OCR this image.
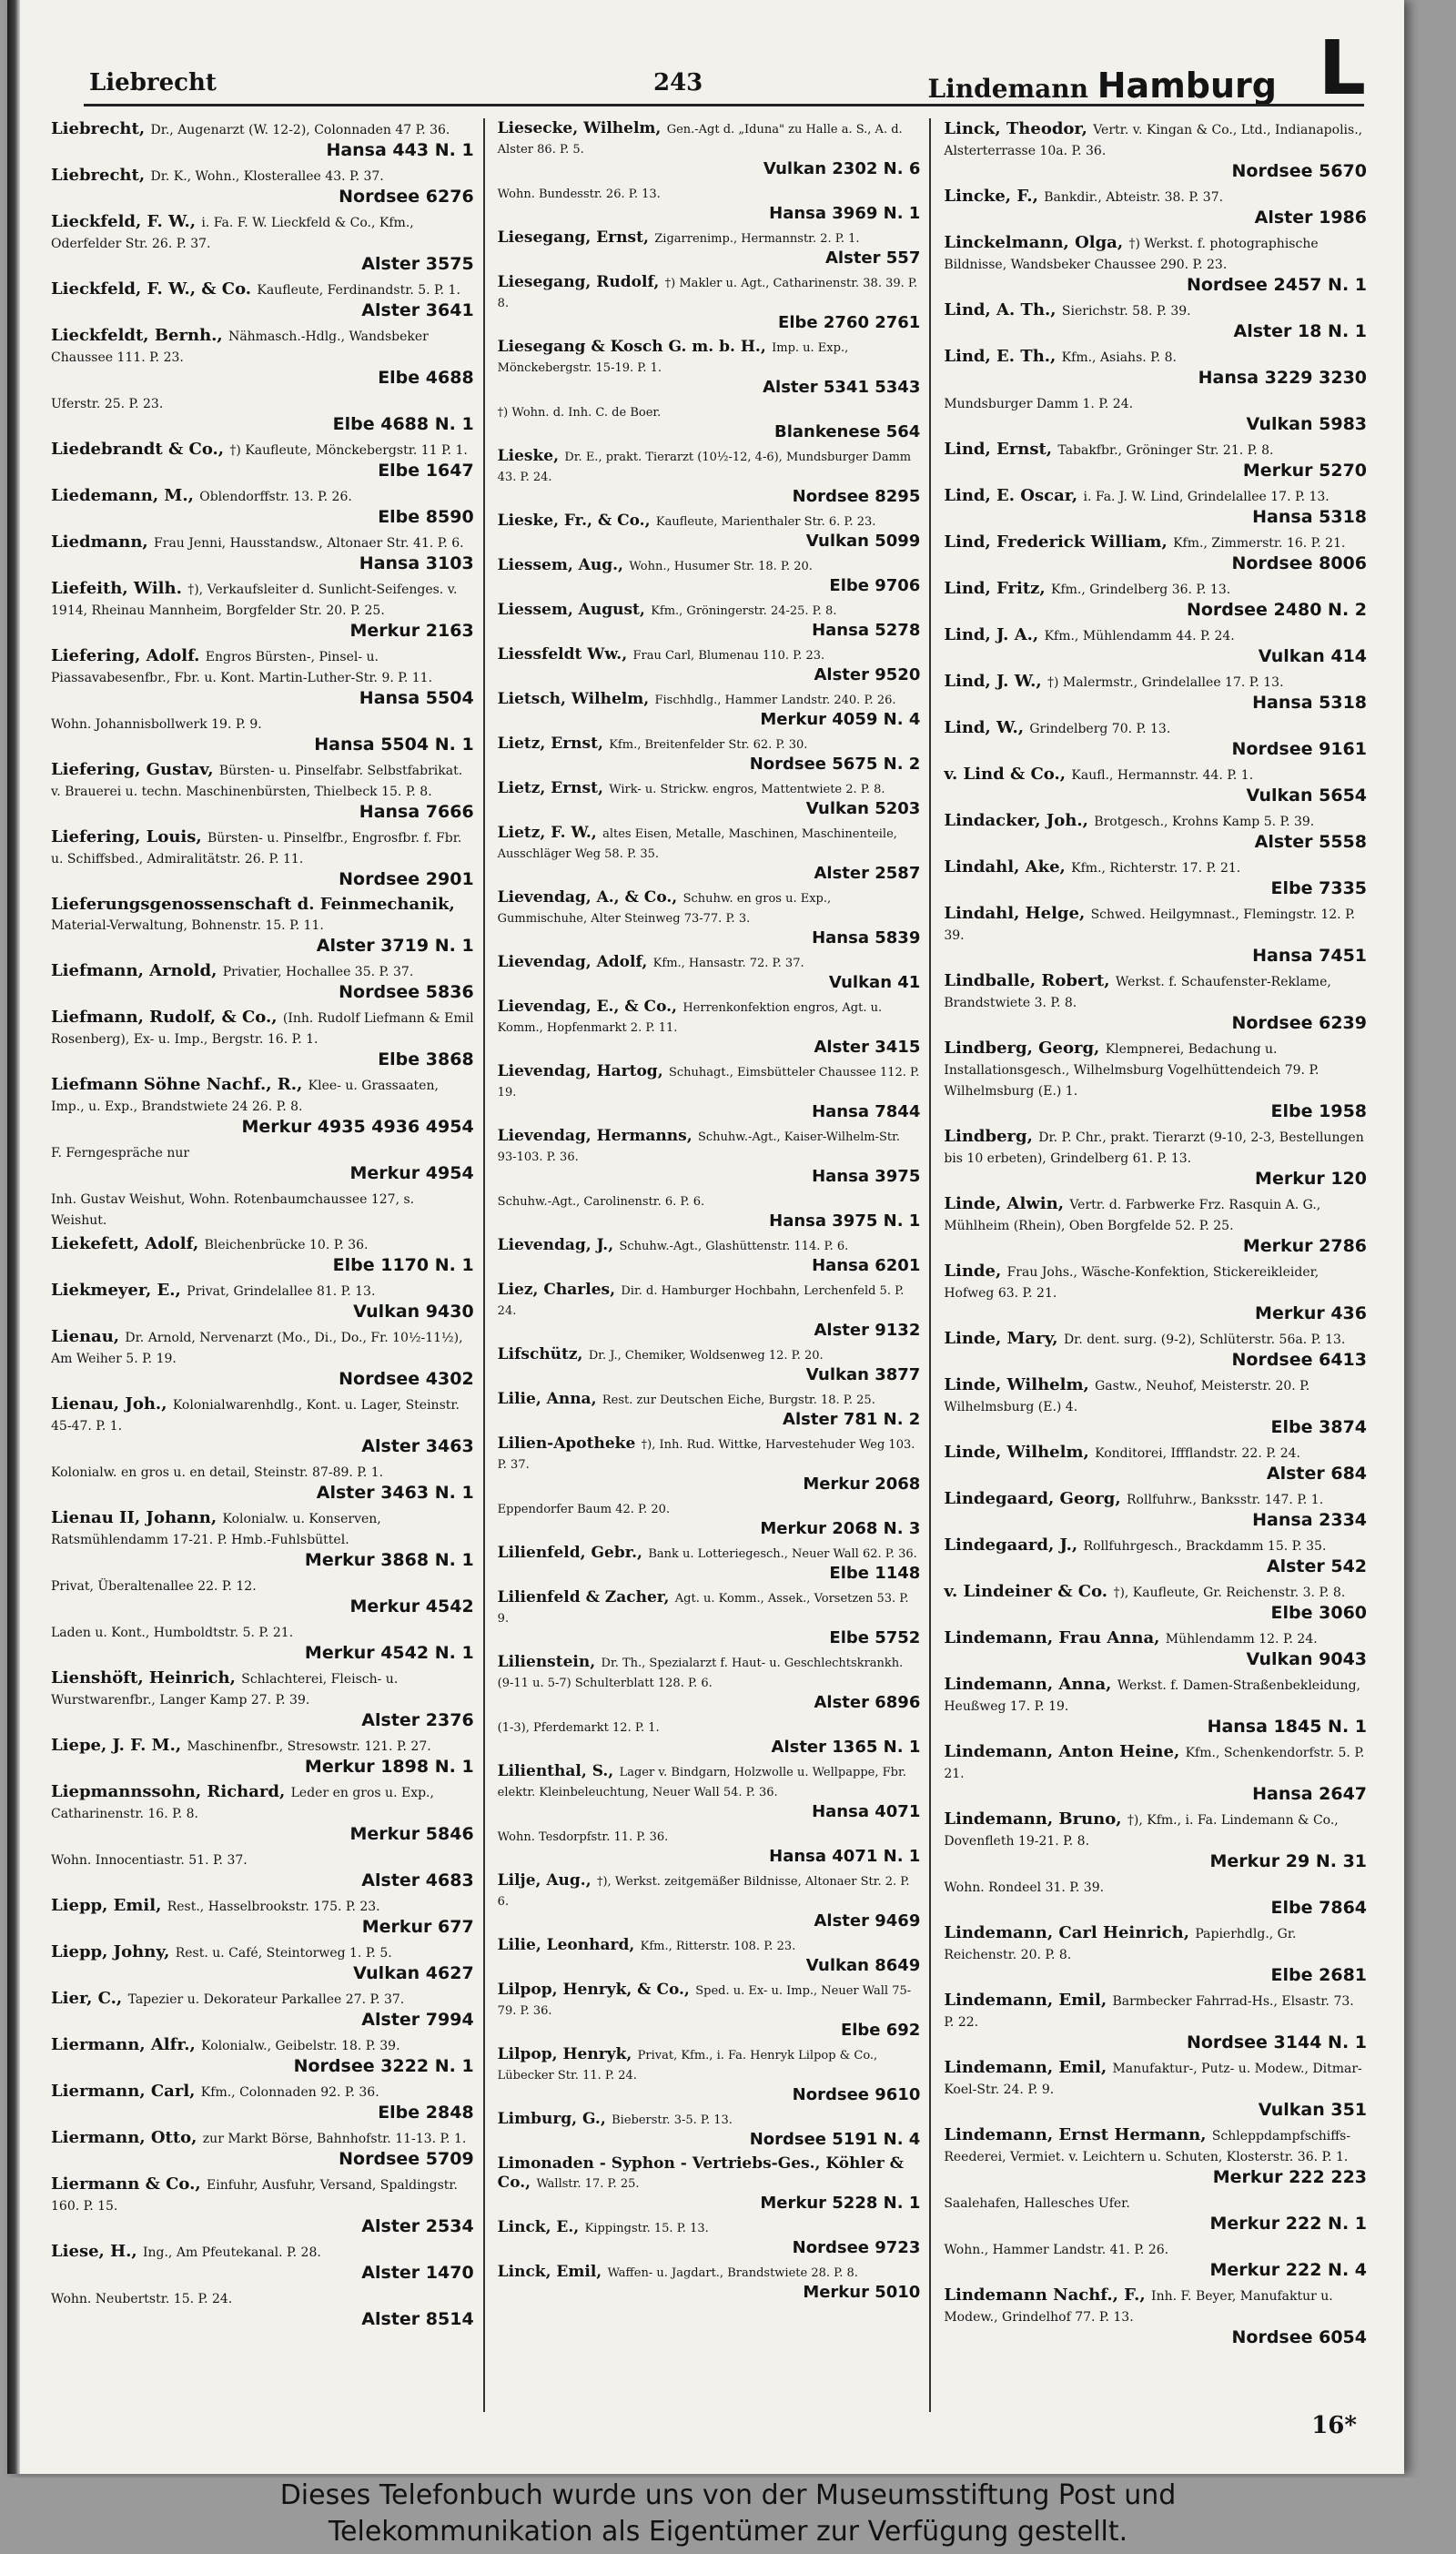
Liebrecht	243	Lindemann Hamburg L
Liebrecht, Dr., Augenarzt (W. 12-2), Colonnaden 47 P. 36.
Hansa 443 N. 1
Liebrecht, Dr. K., Wohn., Klosterallee 43. P. 37.
Nordsee 6276
Lieckfeld, F. W., i. Fa. F. W. Lieckfeld & Co., Kfm., Oderfelder Str. 26. P. 37.
Alster 3575
Lieckfeld, F. W., & Co. Kaufleute, Ferdinandstr. 5. P. 1.
Alster 3641
Lieckfeldt, Bernh., Nähmasch.-Hdlg., Wandsbeker Chaussee 111. P. 23.
Elbe 4688
Uferstr. 25. P. 23.
Elbe 4688 N. 1
Liedebrandt & Co., †) Kaufleute, Mönckebergstr. 11 P. 1.
Elbe 1647
Liedemann, M., Oblendorffstr. 13. P. 26.
Elbe 8590
Liedmann, Frau Jenni, Hausstandsw., Altonaer Str. 41. P. 6.
Hansa 3103
Liefeith, Wilh. †), Verkaufsleiter d. Sunlicht-Seifenges. v. 1914, Rheinau Mannheim, Borgfelder Str. 20. P. 25.
Merkur 2163
Liefering, Adolf. Engros Bürsten-, Pinsel- u. Piassavabesenfbr., Fbr. u. Kont. Martin-Luther-Str. 9. P. 11.
Hansa 5504
Wohn. Johannisbollwerk 19. P. 9.
Hansa 5504 N. 1
Liefering, Gustav, Bürsten- u. Pinselfabr. Selbstfabrikat. v. Brauerei u. techn. Maschinenbürsten, Thielbeck 15. P. 8.
Hansa 7666
Liefering, Louis, Bürsten- u. Pinselfbr., Engrosfbr. f. Fbr. u. Schiffsbed., Admiralitätstr. 26. P. 11.
Nordsee 2901
Lieferungsgenossenschaft d. Feinmechanik, Material-Verwaltung, Bohnenstr. 15. P. 11.
Alster 3719 N. 1
Liefmann, Arnold, Privatier, Hochallee 35. P. 37.
Nordsee 5836
Liefmann, Rudolf, & Co., (Inh. Rudolf Liefmann & Emil Rosenberg), Ex- u. Imp., Bergstr. 16. P. 1.
Elbe 3868
Liefmann Söhne Nachf., R., Klee- u. Grassaaten, Imp., u. Exp., Brandstwiete 24 26. P. 8.
Merkur 4935 4936 4954
F. Ferngespräche nur
Merkur 4954
Inh. Gustav Weishut, Wohn. Rotenbaumchaussee 127, s. Weishut.
Liekefett, Adolf, Bleichenbrücke 10. P. 36.
Elbe 1170 N. 1
Liekmeyer, E., Privat, Grindelallee 81. P. 13.
Vulkan 9430
Lienau, Dr. Arnold, Nervenarzt (Mo., Di., Do., Fr. 10½-11½), Am Weiher 5. P. 19.
Nordsee 4302
Lienau, Joh., Kolonialwarenhdlg., Kont. u. Lager, Steinstr. 45-47. P. 1.
Alster 3463
Kolonialw. en gros u. en detail, Steinstr. 87-89. P. 1.
Alster 3463 N. 1
Lienau II, Johann, Kolonialw. u. Konserven, Ratsmühlendamm 17-21. P. Hmb.-Fuhlsbüttel.
Merkur 3868 N. 1
Privat, Überaltenallee 22. P. 12.
Merkur 4542
Laden u. Kont., Humboldtstr. 5. P. 21.
Merkur 4542 N. 1
Lienshöft, Heinrich, Schlachterei, Fleisch- u. Wurstwarenfbr., Langer Kamp 27. P. 39.
Alster 2376
Liepe, J. F. M., Maschinenfbr., Stresowstr. 121. P. 27.
Merkur 1898 N. 1
Liepmannssohn, Richard, Leder en gros u. Exp., Catharinenstr. 16. P. 8.
Merkur 5846
Wohn. Innocentiastr. 51. P. 37.
Alster 4683
Liepp, Emil, Rest., Hasselbrookstr. 175. P. 23.
Merkur 677
Liepp, Johny, Rest. u. Café, Steintorweg 1. P. 5.
Vulkan 4627
Lier, C., Tapezier u. Dekorateur Parkallee 27. P. 37.
Alster 7994
Liermann, Alfr., Kolonialw., Geibelstr. 18. P. 39.
Nordsee 3222 N. 1
Liermann, Carl, Kfm., Colonnaden 92. P. 36.
Elbe 2848
Liermann, Otto, zur Markt Börse, Bahnhofstr. 11-13. P. 1.
Nordsee 5709
Liermann & Co., Einfuhr, Ausfuhr, Versand, Spaldingstr. 160. P. 15.
Alster 2534
Liese, H., Ing., Am Pfeutekanal. P. 28.
Alster 1470
Wohn. Neubertstr. 15. P. 24.
Alster 8514
Liesecke, Wilhelm, Gen.-Agt d. „Iduna" zu Halle a. S., A. d. Alster 86. P. 5.
Vulkan 2302 N. 6
Wohn. Bundesstr. 26. P. 13.
Hansa 3969 N. 1
Liesegang, Ernst, Zigarrenimp., Hermannstr. 2. P. 1.
Alster 557
Liesegang, Rudolf, †) Makler u. Agt., Catharinenstr. 38. 39. P. 8.
Elbe 2760 2761
Liesegang & Kosch G. m. b. H., Imp. u. Exp., Mönckebergstr. 15-19. P. 1.
Alster 5341 5343
†) Wohn. d. Inh. C. de Boer.
Blankenese 564
Lieske, Dr. E., prakt. Tierarzt (10½-12, 4-6), Mundsburger Damm 43. P. 24.
Nordsee 8295
Lieske, Fr., & Co., Kaufleute, Marienthaler Str. 6. P. 23.
Vulkan 5099
Liessem, Aug., Wohn., Husumer Str. 18. P. 20.
Elbe 9706
Liessem, August, Kfm., Gröningerstr. 24-25. P. 8.
Hansa 5278
Liessfeldt Ww., Frau Carl, Blumenau 110. P. 23.
Alster 9520
Lietsch, Wilhelm, Fischhdlg., Hammer Landstr. 240. P. 26.
Merkur 4059 N. 4
Lietz, Ernst, Kfm., Breitenfelder Str. 62. P. 30.
Nordsee 5675 N. 2
Lietz, Ernst, Wirk- u. Strickw. engros, Mattentwiete 2. P. 8.
Vulkan 5203
Lietz, F. W., altes Eisen, Metalle, Maschinen, Maschinenteile, Ausschläger Weg 58. P. 35.
Alster 2587
Lievendag, A., & Co., Schuhw. en gros u. Exp., Gummischuhe, Alter Steinweg 73-77. P. 3.
Hansa 5839
Lievendag, Adolf, Kfm., Hansastr. 72. P. 37.
Vulkan 41
Lievendag, E., & Co., Herrenkonfektion engros, Agt. u. Komm., Hopfenmarkt 2. P. 11.
Alster 3415
Lievendag, Hartog, Schuhagt., Eimsbütteler Chaussee 112. P. 19.
Hansa 7844
Lievendag, Hermanns, Schuhw.-Agt., Kaiser-Wilhelm-Str. 93-103. P. 36.
Hansa 3975
Schuhw.-Agt., Carolinenstr. 6. P. 6.
Hansa 3975 N. 1
Lievendag, J., Schuhw.-Agt., Glashüttenstr. 114. P. 6.
Hansa 6201
Liez, Charles, Dir. d. Hamburger Hochbahn, Lerchenfeld 5. P. 24.
Alster 9132
Lifschütz, Dr. J., Chemiker, Woldsenweg 12. P. 20.
Vulkan 3877
Lilie, Anna, Rest. zur Deutschen Eiche, Burgstr. 18. P. 25.
Alster 781 N. 2
Lilien-Apotheke †), Inh. Rud. Wittke, Harvestehuder Weg 103. P. 37.
Merkur 2068
Eppendorfer Baum 42. P. 20.
Merkur 2068 N. 3
Lilienfeld, Gebr., Bank u. Lotteriegesch., Neuer Wall 62. P. 36.
Elbe 1148
Lilienfeld & Zacher, Agt. u. Komm., Assek., Vorsetzen 53. P. 9.
Elbe 5752
Lilienstein, Dr. Th., Spezialarzt f. Haut- u. Geschlechtskrankh. (9-11 u. 5-7) Schulterblatt 128. P. 6.
Alster 6896
(1-3), Pferdemarkt 12. P. 1.
Alster 1365 N. 1
Lilienthal, S., Lager v. Bindgarn, Holzwolle u. Wellpappe, Fbr. elektr. Kleinbeleuchtung, Neuer Wall 54. P. 36.
Hansa 4071
Wohn. Tesdorpfstr. 11. P. 36.
Hansa 4071 N. 1
Lilje, Aug., †), Werkst. zeitgemäßer Bildnisse, Altonaer Str. 2. P. 6.
Alster 9469
Lilie, Leonhard, Kfm., Ritterstr. 108. P. 23.
Vulkan 8649
Lilpop, Henryk, & Co., Sped. u. Ex- u. Imp., Neuer Wall 75-79. P. 36.
Elbe 692
Lilpop, Henryk, Privat, Kfm., i. Fa. Henryk Lilpop & Co., Lübecker Str. 11. P. 24.
Nordsee 9610
Limburg, G., Bieberstr. 3-5. P. 13.
Nordsee 5191 N. 4
Limonaden - Syphon - Vertriebs-Ges., Köhler & Co., Wallstr. 17. P. 25.
Merkur 5228 N. 1
Linck, E., Kippingstr. 15. P. 13.
Nordsee 9723
Linck, Emil, Waffen- u. Jagdart., Brandstwiete 28. P. 8.
Merkur 5010
Linck, Theodor, Vertr. v. Kingan & Co., Ltd., Indianapolis., Alsterterrasse 10a. P. 36.
Nordsee 5670
Lincke, F., Bankdir., Abteistr. 38. P. 37.
Alster 1986
Linckelmann, Olga, †) Werkst. f. photographische Bildnisse, Wandsbeker Chaussee 290. P. 23.
Nordsee 2457 N. 1
Lind, A. Th., Sierichstr. 58. P. 39.
Alster 18 N. 1
Lind, E. Th., Kfm., Asiahs. P. 8.
Hansa 3229 3230
Mundsburger Damm 1. P. 24.
Vulkan 5983
Lind, Ernst, Tabakfbr., Gröninger Str. 21. P. 8.
Merkur 5270
Lind, E. Oscar, i. Fa. J. W. Lind, Grindelallee 17. P. 13.
Hansa 5318
Lind, Frederick William, Kfm., Zimmerstr. 16. P. 21.
Nordsee 8006
Lind, Fritz, Kfm., Grindelberg 36. P. 13.
Nordsee 2480 N. 2
Lind, J. A., Kfm., Mühlendamm 44. P. 24.
Vulkan 414
Lind, J. W., †) Malermstr., Grindelallee 17. P. 13.
Hansa 5318
Lind, W., Grindelberg 70. P. 13.
Nordsee 9161
v. Lind & Co., Kaufl., Hermannstr. 44. P. 1.
Vulkan 5654
Lindacker, Joh., Brotgesch., Krohns Kamp 5. P. 39.
Alster 5558
Lindahl, Ake, Kfm., Richterstr. 17. P. 21.
Elbe 7335
Lindahl, Helge, Schwed. Heilgymnast., Flemingstr. 12. P. 39.
Hansa 7451
Lindballe, Robert, Werkst. f. Schaufenster-Reklame, Brandstwiete 3. P. 8.
Nordsee 6239
Lindberg, Georg, Klempnerei, Bedachung u. Installationsgesch., Wilhelmsburg Vogelhüttendeich 79. P. Wilhelmsburg (E.) 1.
Elbe 1958
Lindberg, Dr. P. Chr., prakt. Tierarzt (9-10, 2-3, Bestellungen bis 10 erbeten), Grindelberg 61. P. 13.
Merkur 120
Linde, Alwin, Vertr. d. Farbwerke Frz. Rasquin A. G., Mühlheim (Rhein), Oben Borgfelde 52. P. 25.
Merkur 2786
Linde, Frau Johs., Wäsche-Konfektion, Stickereikleider, Hofweg 63. P. 21.
Merkur 436
Linde, Mary, Dr. dent. surg. (9-2), Schlüterstr. 56a. P. 13.
Nordsee 6413
Linde, Wilhelm, Gastw., Neuhof, Meisterstr. 20. P. Wilhelmsburg (E.) 4.
Elbe 3874
Linde, Wilhelm, Konditorei, Iffflandstr. 22. P. 24.
Alster 684
Lindegaard, Georg, Rollfuhrw., Banksstr. 147. P. 1.
Hansa 2334
Lindegaard, J., Rollfuhrgesch., Brackdamm 15. P. 35.
Alster 542
v. Lindeiner & Co. †), Kaufleute, Gr. Reichenstr. 3. P. 8.
Elbe 3060
Lindemann, Frau Anna, Mühlendamm 12. P. 24.
Vulkan 9043
Lindemann, Anna, Werkst. f. Damen-Straßenbekleidung, Heußweg 17. P. 19.
Hansa 1845 N. 1
Lindemann, Anton Heine, Kfm., Schenkendorfstr. 5. P. 21.
Hansa 2647
Lindemann, Bruno, †), Kfm., i. Fa. Lindemann & Co., Dovenfleth 19-21. P. 8.
Merkur 29 N. 31
Wohn. Rondeel 31. P. 39.
Elbe 7864
Lindemann, Carl Heinrich, Papierhdlg., Gr. Reichenstr. 20. P. 8.
Elbe 2681
Lindemann, Emil, Barmbecker Fahrrad-Hs., Elsastr. 73. P. 22.
Nordsee 3144 N. 1
Lindemann, Emil, Manufaktur-, Putz- u. Modew., Ditmar-Koel-Str. 24. P. 9.
Vulkan 351
Lindemann, Ernst Hermann, Schleppdampfschiffs-Reederei, Vermiet. v. Leichtern u. Schuten, Klosterstr. 36. P. 1.
Merkur 222 223
Saalehafen, Hallesches Ufer.
Merkur 222 N. 1
Wohn., Hammer Landstr. 41. P. 26.
Merkur 222 N. 4
Lindemann Nachf., F., Inh. F. Beyer, Manufaktur u. Modew., Grindelhof 77. P. 13.
Nordsee 6054
16*
Dieses Telefonbuch wurde uns von der Museumsstiftung Post und
Telekommunikation als Eigentümer zur Verfügung gestellt.
